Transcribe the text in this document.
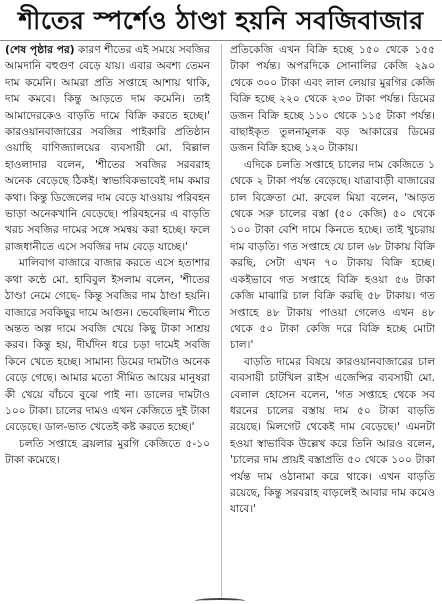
শীতের স্পর্শেও ঠাণ্ডা হয়নি সবজিবাজার

(শেষ পৃষ্ঠার পর) কারণ শীতের এই সময়ে সবজির আমদানি বহুগুণ বেড়ে যায়। এবার অবশ্য তেমন দাম কমেনি। আমরা প্রতি সপ্তাহে আশায় থাকি, দাম কমবে। কিন্তু আড়তে দাম কমেনি। তাই আমাদেরকেও বাড়তি দামে বিক্রি করতে হচ্ছে।' কারওয়ানবাজারের সবজির পাইকারি প্রতিষ্ঠান ওয়াছি বাণিজ্যালয়ের ব্যবসায়ী মো. বিল্লাল হাওলাদার বলেন, 'শীতের সবজির সরবরাহ অনেক বেড়েছে ঠিকই। স্বাভাবিকভাবেই দাম কমার কথা। কিন্তু ডিজেলের দাম বেড়ে যাওয়ায় পরিবহন ভাড়া অনেকখানি বেড়েছে। পরিবহনের এ বাড়তি খরচ সবজির দামের সঙ্গে সমন্বয় করা হচ্ছে। ফলে রাজধানীতে এসে সবজির দাম বেড়ে যাচ্ছে।'

মালিবাগ বাজারে বাজার করতে এসে হতাশার কথা কন্ঠে মো. হাবিবুল ইসলাম বলেন, 'শীতের ঠাণ্ডা নেমে গেছে- কিন্তু সবজির দাম ঠাণ্ডা হয়নি। বাজারে সবকিছুর দামে আগুন। ভেবেছিলাম শীতে অন্তত অল্প দামে সবজি খেয়ে কিছু টাকা সাশ্রয় করব। কিন্তু হয়, দীর্ঘদিন ধরে চড়া দামেই সবজি কিনে খেতে হচ্ছে। সামান্য ডিমের দামটাও অনেক বেড়ে গেছে। আমার মতো সীমিত আয়ের মানুষরা কী খেয়ে বাঁচবে বুঝে পাই না। ডালের দামটাও ১০০ টাকা। চালের দামও এখন কেজিতে দুই টাকা বেড়েছে। ডাল-ভাত খেতেই কষ্ট করতে হচ্ছে।'

চলতি সপ্তাহে ব্রয়লার মুরগি কেজিতে ৫-১০ টাকা কমেছে।

প্রতিকেজি এখন বিক্রি হচ্ছে ১৫০ থেকে ১৫৫ টাকা পর্যন্ত। অপরদিকে সোনালির কেজি ২৯০ থেকে ৩০০ টাকা এবং লাল লেয়ার মুরগির কেজি বিক্রি হচ্ছে ২২০ থেকে ২৩০ টাকা পর্যন্ত। ডিমের ডজন বিক্রি হচ্ছে ১১০ থেকে ১১৫ টাকা পর্যন্ত। বাছাইকৃত তুলনামূলক বড় আকারের ডিমের ডজন বিক্রি হচ্ছে ১২০ টাকায়।

এদিকে চলতি সপ্তাহে চালের দাম কেজিতে ১ থেকে ২ টাকা পর্যন্ত বেড়েছে। যাত্রাবাড়ী বাজারের চাল বিক্রেতা মো. রুবেল মিয়া বলেন, 'আড়ত থেকে সরু চালের বস্তা (৫০ কেজি) ৫০ থেকে ১০০ টাকা বেশি দামে কিনতে হচ্ছে। তাই খুচরায় দাম বাড়তি। গত সপ্তাহে যে চাল ৬৮ টাকায় বিক্রি করছি, সেটা এখন ৭০ টাকায় বিক্রি হচ্ছে। একইভাবে গত সপ্তাহে বিক্রি হওয়া ৫৬ টাকা কেজি মাঝারি চাল বিক্রি করছি ৫৮ টাকায়। গত সপ্তাহে ৪৮ টাকায় পাওয়া গেলেও এখন ৪৮ থেকে ৫০ টাকা কেজি দরে বিক্রি হচ্ছে মোটা চাল।'

বাড়তি দামের বিষয়ে কারওয়ানবাজারের চাল ব্যবসায়ী চাটখিল রাইস এজেন্সির ব্যবসায়ী মো. বেলাল হোসেন বলেন, 'গত সপ্তাহে থেকে সব ধরনের চালের বস্তায় দাম ৫০ টাকা বাড়তি রয়েছে। মিলগেট থেকেই দাম বেড়েছে।' এমনটা হওয়া স্বাভাবিক উল্লেখ করে তিনি আরও বলেন, 'চালের দাম প্রায়ই বস্তাপ্রতি ৫০ থেকে ১০০ টাকা পর্যন্ত দাম ওঠানামা করে থাকে। এখন বাড়তি রয়েছে, কিন্তু সরবরাহ বাড়লেই আবার দাম কমেও যাবে।'
